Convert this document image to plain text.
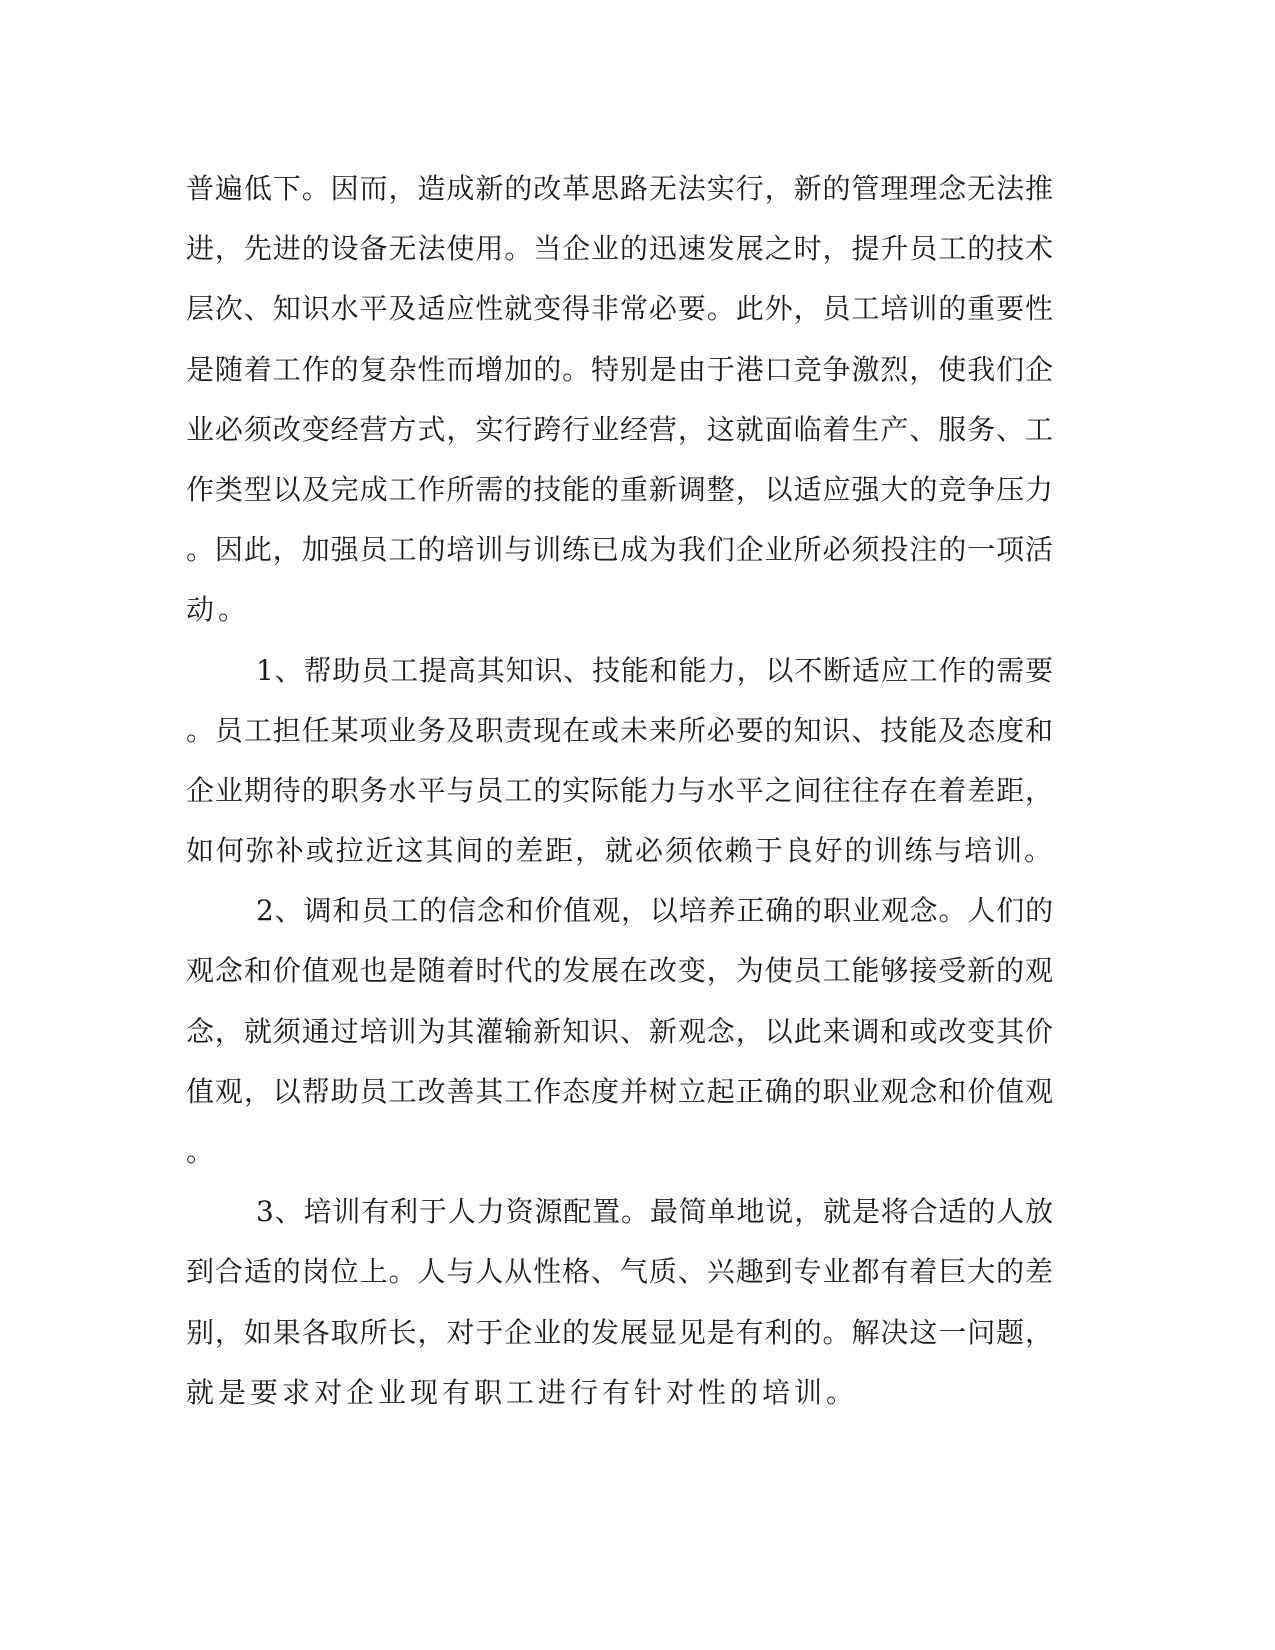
普遍低下。因而，造成新的改革思路无法实行，新的管理理念无法推
进，先进的设备无法使用。当企业的迅速发展之时，提升员工的技术
层次、知识水平及适应性就变得非常必要。此外，员工培训的重要性
是随着工作的复杂性而增加的。特别是由于港口竞争激烈，使我们企
业必须改变经营方式，实行跨行业经营，这就面临着生产、服务、工
作类型以及完成工作所需的技能的重新调整，以适应强大的竞争压力
。因此，加强员工的培训与训练已成为我们企业所必须投注的一项活
动。
1、帮助员工提高其知识、技能和能力，以不断适应工作的需要
。员工担任某项业务及职责现在或未来所必要的知识、技能及态度和
企业期待的职务水平与员工的实际能力与水平之间往往存在着差距，
如何弥补或拉近这其间的差距，就必须依赖于良好的训练与培训。
2、调和员工的信念和价值观，以培养正确的职业观念。人们的
观念和价值观也是随着时代的发展在改变，为使员工能够接受新的观
念，就须通过培训为其灌输新知识、新观念，以此来调和或改变其价
值观，以帮助员工改善其工作态度并树立起正确的职业观念和价值观
。
3、培训有利于人力资源配置。最简单地说，就是将合适的人放
到合适的岗位上。人与人从性格、气质、兴趣到专业都有着巨大的差
别，如果各取所长，对于企业的发展显见是有利的。解决这一问题，
就是要求对企业现有职工进行有针对性的培训。
